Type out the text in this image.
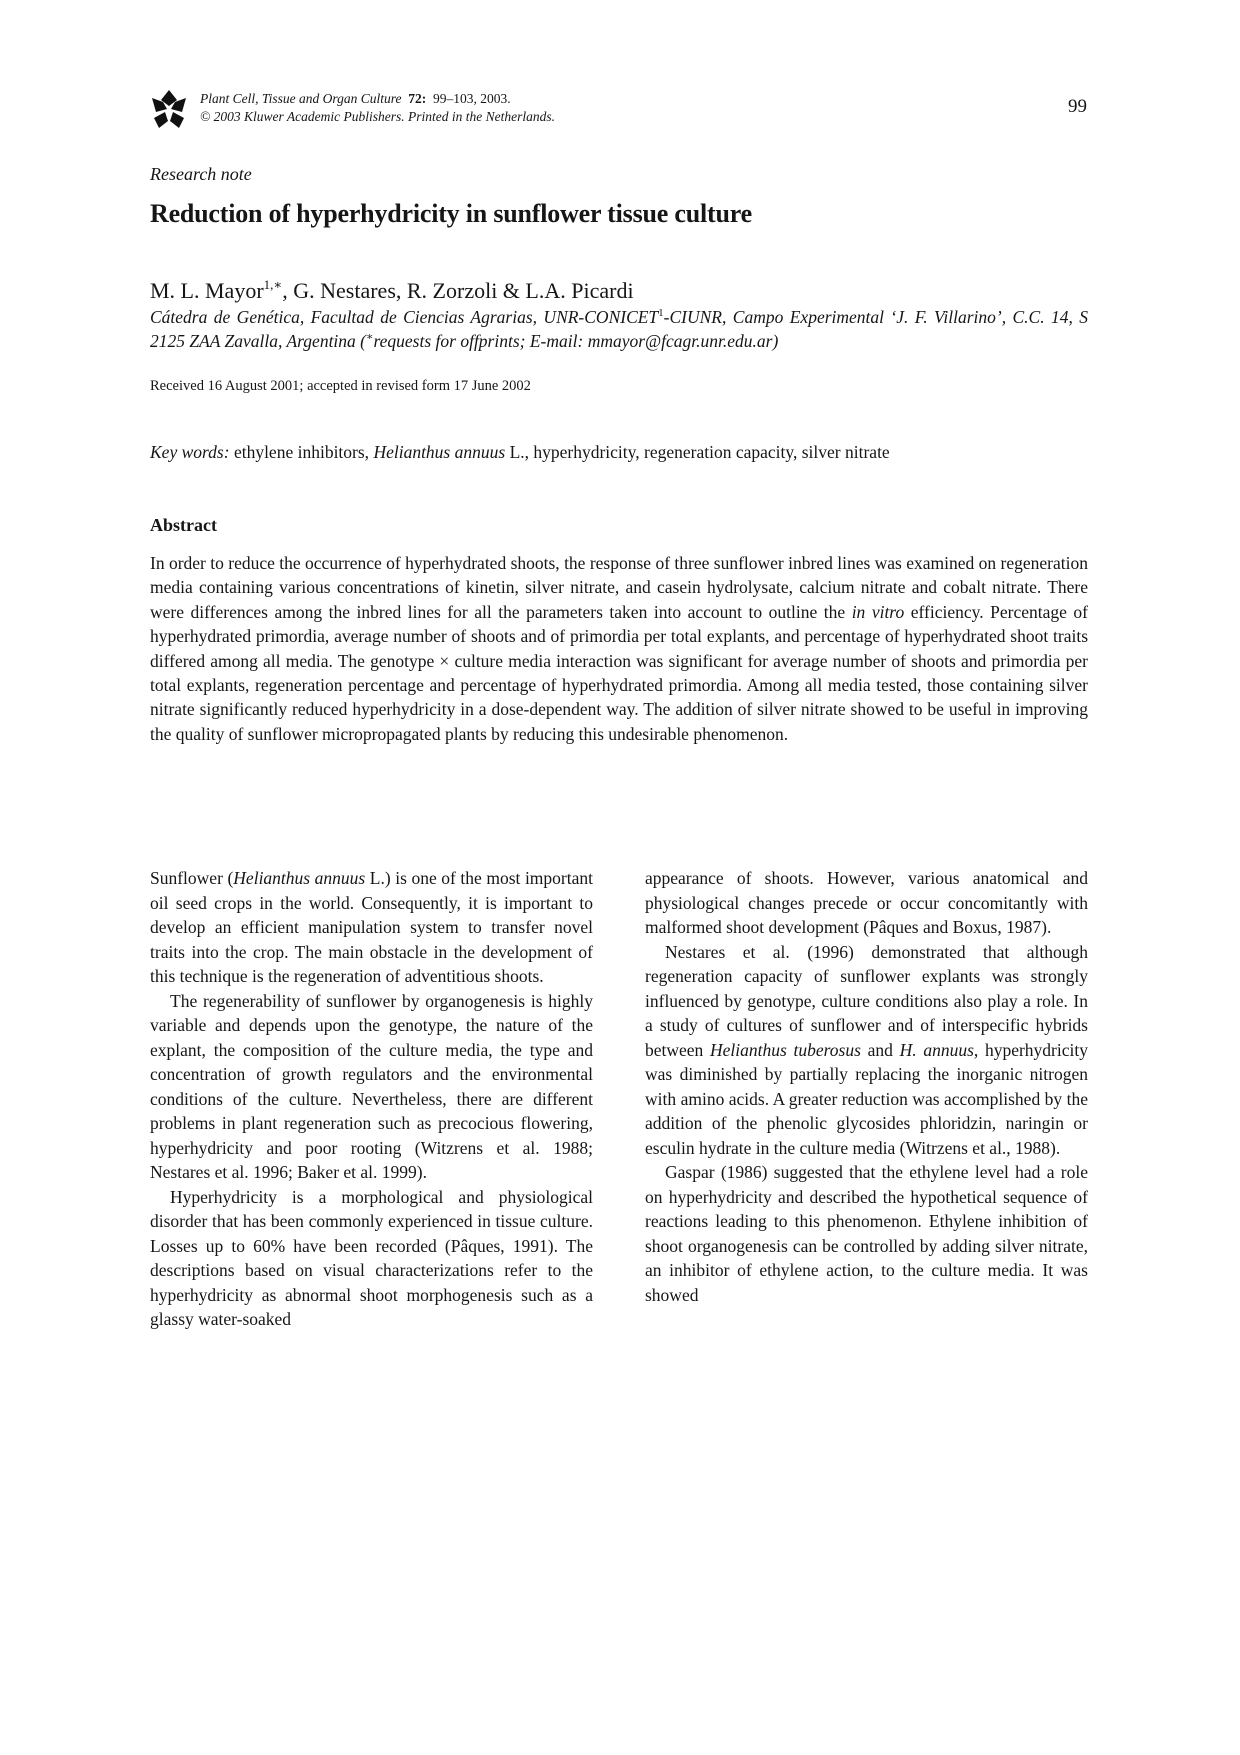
Plant Cell, Tissue and Organ Culture 72: 99–103, 2003.
© 2003 Kluwer Academic Publishers. Printed in the Netherlands.	99
Research note
Reduction of hyperhydricity in sunflower tissue culture
M. L. Mayor$^{1,∗}$, G. Nestares, R. Zorzoli & L.A. Picardi
Cátedra de Genética, Facultad de Ciencias Agrarias, UNR-CONICET$^1$-CIUNR, Campo Experimental ‘J. F. Villarino’, C.C. 14, S 2125 ZAA Zavalla, Argentina (∗requests for offprints; E-mail: mmayor@fcagr.unr.edu.ar)
Received 16 August 2001; accepted in revised form 17 June 2002
Key words: ethylene inhibitors, Helianthus annuus L., hyperhydricity, regeneration capacity, silver nitrate
Abstract
In order to reduce the occurrence of hyperhydrated shoots, the response of three sunflower inbred lines was examined on regeneration media containing various concentrations of kinetin, silver nitrate, and casein hydrolysate, calcium nitrate and cobalt nitrate. There were differences among the inbred lines for all the parameters taken into account to outline the in vitro efficiency. Percentage of hyperhydrated primordia, average number of shoots and of primordia per total explants, and percentage of hyperhydrated shoot traits differed among all media. The genotype × culture media interaction was significant for average number of shoots and primordia per total explants, regeneration percentage and percentage of hyperhydrated primordia. Among all media tested, those containing silver nitrate significantly reduced hyperhydricity in a dose-dependent way. The addition of silver nitrate showed to be useful in improving the quality of sunflower micropropagated plants by reducing this undesirable phenomenon.

Sunflower (Helianthus annuus L.) is one of the most important oil seed crops in the world. Consequently, it is important to develop an efficient manipulation system to transfer novel traits into the crop. The main obstacle in the development of this technique is the regeneration of adventitious shoots.

The regenerability of sunflower by organogenesis is highly variable and depends upon the genotype, the nature of the explant, the composition of the culture media, the type and concentration of growth regulators and the environmental conditions of the culture. Nevertheless, there are different problems in plant regeneration such as precocious flowering, hyperhydricity and poor rooting (Witzrens et al. 1988; Nestares et al. 1996; Baker et al. 1999).

Hyperhydricity is a morphological and physiological disorder that has been commonly experienced in tissue culture. Losses up to 60% have been recorded (Pâques, 1991). The descriptions based on visual characterizations refer to the hyperhydricity as abnormal shoot morphogenesis such as a glassy water-soaked

appearance of shoots. However, various anatomical and physiological changes precede or occur concomitantly with malformed shoot development (Pâques and Boxus, 1987).

Nestares et al. (1996) demonstrated that although regeneration capacity of sunflower explants was strongly influenced by genotype, culture conditions also play a role. In a study of cultures of sunflower and of interspecific hybrids between Helianthus tuberosus and H. annuus, hyperhydricity was diminished by partially replacing the inorganic nitrogen with amino acids. A greater reduction was accomplished by the addition of the phenolic glycosides phloridzin, naringin or esculin hydrate in the culture media (Witrzens et al., 1988).

Gaspar (1986) suggested that the ethylene level had a role on hyperhydricity and described the hypothetical sequence of reactions leading to this phenomenon. Ethylene inhibition of shoot organogenesis can be controlled by adding silver nitrate, an inhibitor of ethylene action, to the culture media. It was showed
